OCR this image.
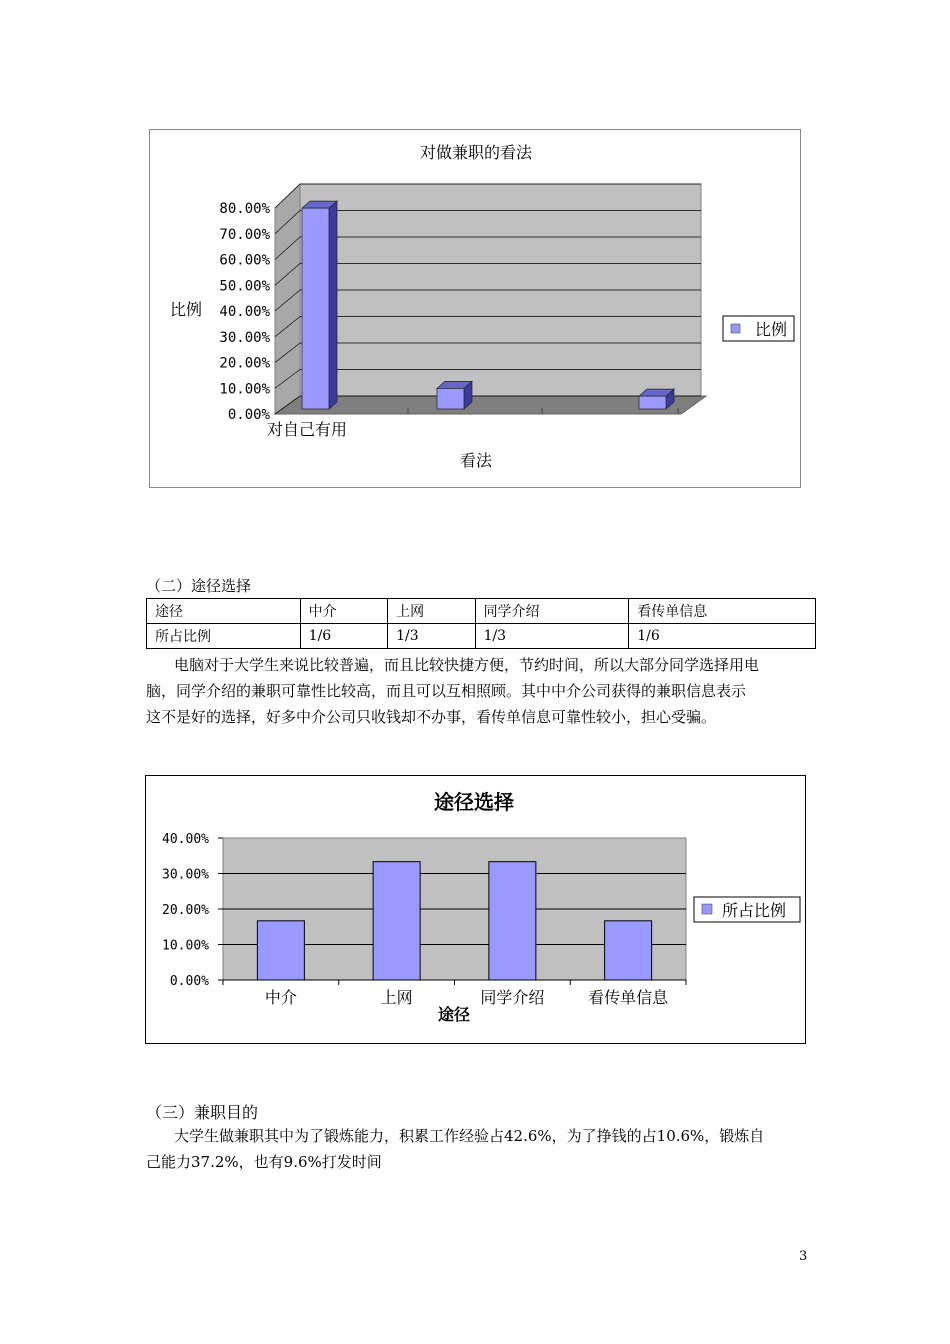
对做兼职的看法
0.00%
10.00%
20.00%
30.00%
40.00%
50.00%
60.00%
70.00%
80.00%
比例
对自己有用
看法
比例
（二）途径选择
途径	中介	上网	同学介绍	看传单信息
所占比例	1/6	1/3	1/3	1/6
电脑对于大学生来说比较普遍，而且比较快捷方便，节约时间，所以大部分同学选择用电
脑，同学介绍的兼职可靠性比较高，而且可以互相照顾。其中中介公司获得的兼职信息表示
这不是好的选择，好多中介公司只收钱却不办事，看传单信息可靠性较小，担心受骗。
途径选择
0.00%
10.00%
20.00%
30.00%
40.00%
中介	上网	同学介绍	看传单信息
途径
所占比例
（三）兼职目的
大学生做兼职其中为了锻炼能力，积累工作经验占42.6%，为了挣钱的占10.6%，锻炼自
己能力37.2%，也有9.6%打发时间
3
